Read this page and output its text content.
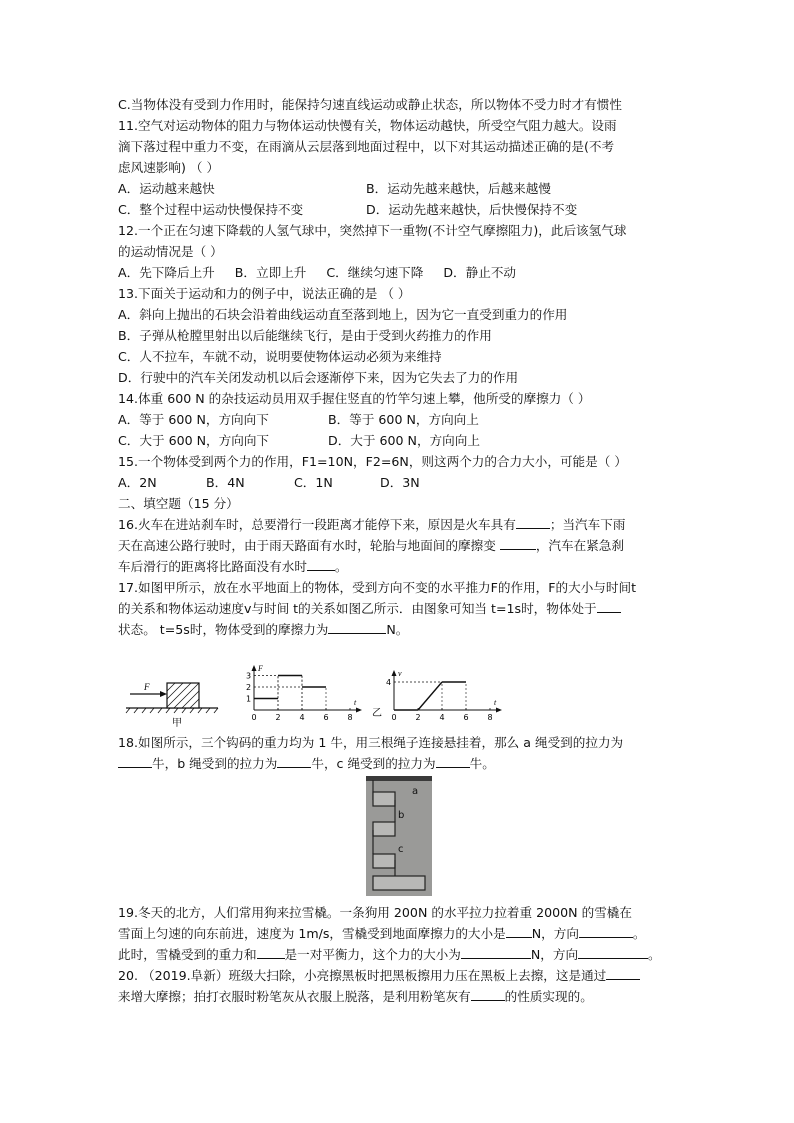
C.当物体没有受到力作用时，能保持匀速直线运动或静止状态，所以物体不受力时才有惯性
11.空气对运动物体的阻力与物体运动快慢有关，物体运动越快，所受空气阻力越大。设雨
滴下落过程中重力不变，在雨滴从云层落到地面过程中，以下对其运动描述正确的是(不考
虑风速影响) （ ）
A．运动越来越快	B．运动先越来越快，后越来越慢
C．整个过程中运动快慢保持不变	D．运动先越来越快，后快慢保持不变
12.一个正在匀速下降载的人氢气球中，突然掉下一重物(不计空气摩擦阻力)，此后该氢气球
的运动情况是（ ）
A．先下降后上升 B．立即上升 C．继续匀速下降 D．静止不动
13.下面关于运动和力的例子中，说法正确的是 （ ）
A．斜向上抛出的石块会沿着曲线运动直至落到地上，因为它一直受到重力的作用
B．子弹从枪膛里射出以后能继续飞行，是由于受到火药推力的作用
C．人不拉车，车就不动，说明要使物体运动必须为来维持
D．行驶中的汽车关闭发动机以后会逐渐停下来，因为它失去了力的作用
14.体重 600 N 的杂技运动员用双手握住竖直的竹竿匀速上攀，他所受的摩擦力（ ）
A．等于 600 N，方向向下	B．等于 600 N，方向向上
C．大于 600 N，方向向下	D．大于 600 N，方向向上
15.一个物体受到两个力的作用，F1=10N，F2=6N，则这两个力的合力大小，可能是（ ）
A．2N	B．4N	C．1N	D．3N
二、填空题（15 分）
16.火车在进站刹车时，总要滑行一段距离才能停下来，原因是火车具有	；当汽车下雨
天在高速公路行驶时，由于雨天路面有水时，轮胎与地面间的摩擦变	，汽车在紧急刹
车后滑行的距离将比路面没有水时 。
17.如图甲所示，放在水平地面上的物体，受到方向不变的水平推力F的作用，F的大小与时间t
的关系和物体运动速度v与时间 t的关系如图乙所示．由图象可知当 t=1s时，物体处于
状态。 t=5s时，物体受到的摩擦力为	N。
F
甲
F
t
0 2 4 6 8
1
2
3
乙
v
t
0 2 4 6 8
4
18.如图所示，三个钩码的重力均为 1 牛，用三根绳子连接悬挂着，那么 a 绳受到的拉力为
牛，b 绳受到的拉力为	牛，c 绳受到的拉力为	牛。
a
b
c
19.冬天的北方，人们常用狗来拉雪橇。一条狗用 200N 的水平拉力拉着重 2000N 的雪橇在
雪面上匀速的向东前进，速度为 1m/s，雪橇受到地面摩擦力的大小是 N，方向	。
此时，雪橇受到的重力和 是一对平衡力，这个力的大小为	N，方向	。
20. （2019.阜新）班级大扫除，小亮擦黑板时把黑板擦用力压在黑板上去擦，这是通过
来增大摩擦；拍打衣服时粉笔灰从衣服上脱落，是利用粉笔灰有	的性质实现的。
